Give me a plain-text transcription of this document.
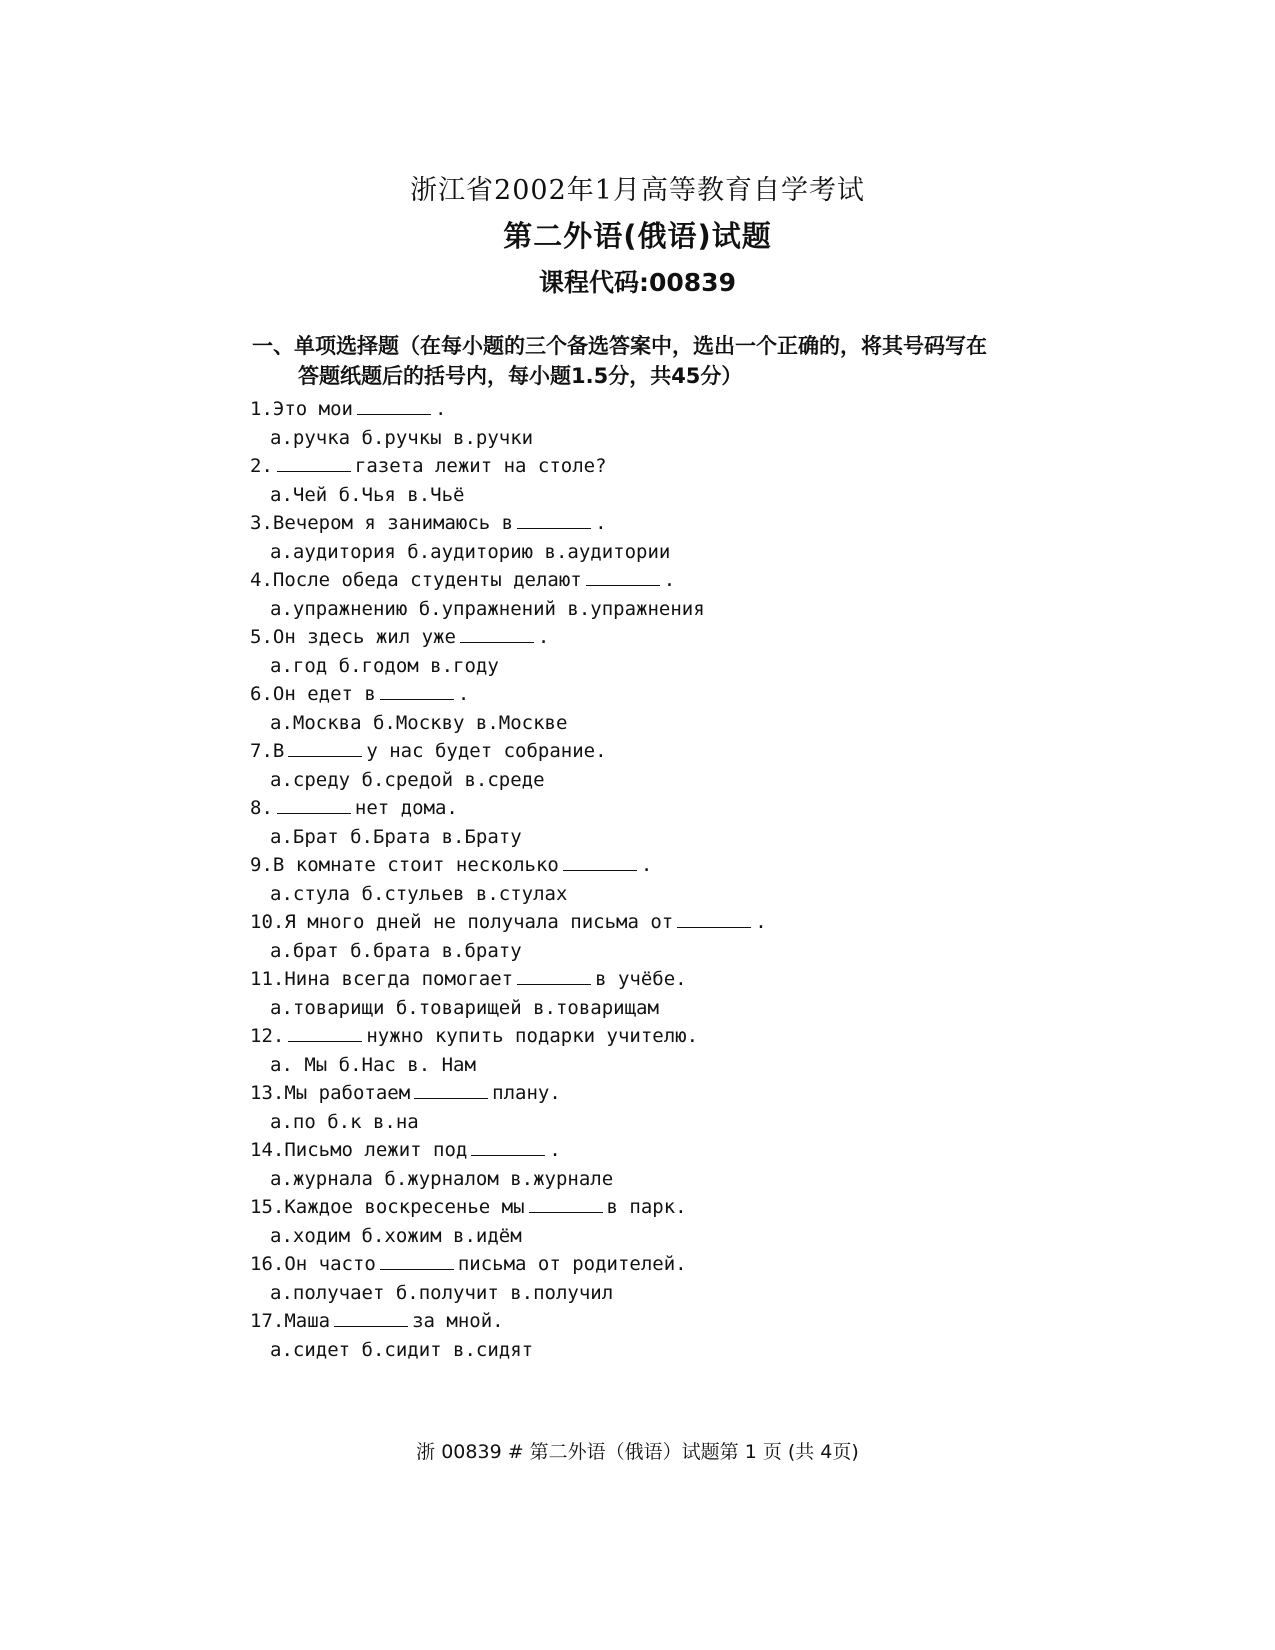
浙江省2002年1月高等教育自学考试
第二外语(俄语)试题
课程代码:00839
一、单项选择题（在每小题的三个备选答案中，选出一个正确的，将其号码写在
答题纸题后的括号内，每小题1.5分，共45分）
1.Это мои	.
а.ручка б.ручкы в.ручки
2.	газета лежит на столе?
а.Чей б.Чья в.Чьё
3.Вечером я занимаюсь в	.
а.аудитория б.аудиторию в.аудитории
4.После обеда студенты делают	.
а.упражнению б.упражнений в.упражнения
5.Он здесь жил уже	.
а.год б.годом в.году
6.Он едет в	.
а.Москва б.Москву в.Москве
7.В	у нас будет собрание.
а.среду б.средой в.среде
8.	нет дома.
а.Брат б.Брата в.Брату
9.В комнате стоит несколько	.
а.стула б.стульев в.стулах
10.Я много дней не получала письма от	.
а.брат б.брата в.брату
11.Нина всегда помогает	в учёбе.
а.товарищи б.товарищей в.товарищам
12.	нужно купить подарки учителю.
а. Мы б.Нас в. Нам
13.Мы работаем	плану.
а.по б.к в.на
14.Письмо лежит под	.
а.журнала б.журналом в.журнале
15.Каждое воскресенье мы	в парк.
а.ходим б.хожим в.идём
16.Он часто	письма от родителей.
а.получает б.получит в.получил
17.Маша	за мной.
а.сидет б.сидит в.сидят
浙 00839 # 第二外语（俄语）试题第 1 页 (共 4页)
